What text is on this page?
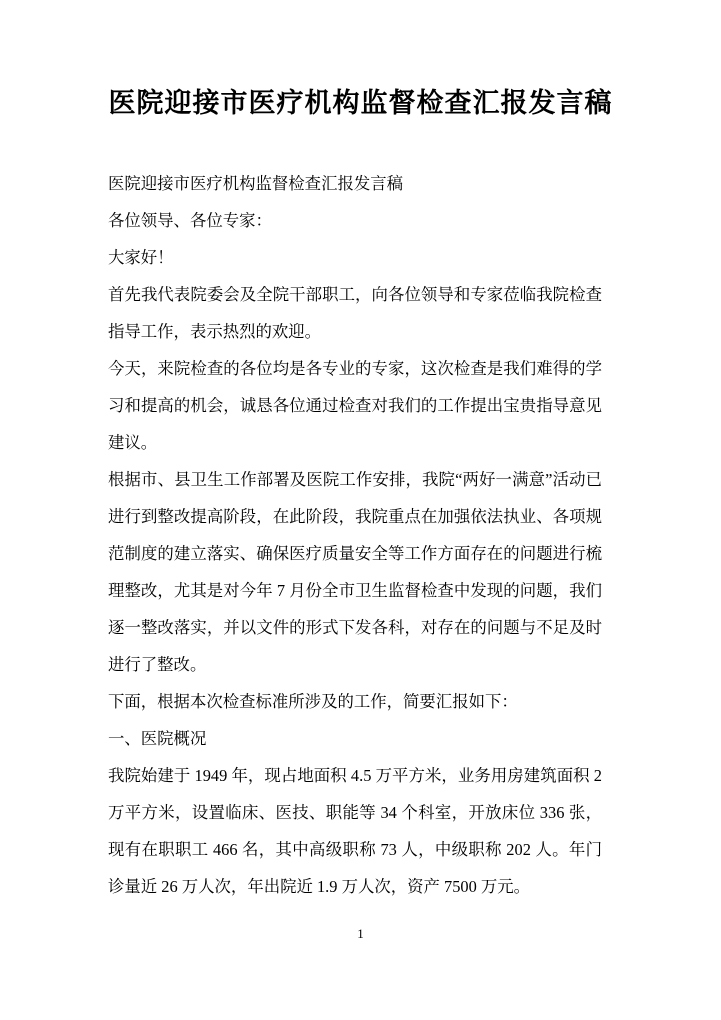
医院迎接市医疗机构监督检查汇报发言稿

医院迎接市医疗机构监督检查汇报发言稿

各位领导、各位专家：

大家好！

首先我代表院委会及全院干部职工，向各位领导和专家莅临我院检查指导工作，表示热烈的欢迎。

今天，来院检查的各位均是各专业的专家，这次检查是我们难得的学习和提高的机会，诚恳各位通过检查对我们的工作提出宝贵指导意见建议。

根据市、县卫生工作部署及医院工作安排，我院“两好一满意”活动已进行到整改提高阶段，在此阶段，我院重点在加强依法执业、各项规范制度的建立落实、确保医疗质量安全等工作方面存在的问题进行梳理整改，尤其是对今年 7 月份全市卫生监督检查中发现的问题，我们逐一整改落实，并以文件的形式下发各科，对存在的问题与不足及时进行了整改。

下面，根据本次检查标准所涉及的工作，简要汇报如下：

一、医院概况

我院始建于 1949 年，现占地面积 4.5 万平方米，业务用房建筑面积 2 万平方米，设置临床、医技、职能等 34 个科室，开放床位 336 张，现有在职职工 466 名，其中高级职称 73 人，中级职称 202 人。年门诊量近 26 万人次，年出院近 1.9 万人次，资产 7500 万元。

1
